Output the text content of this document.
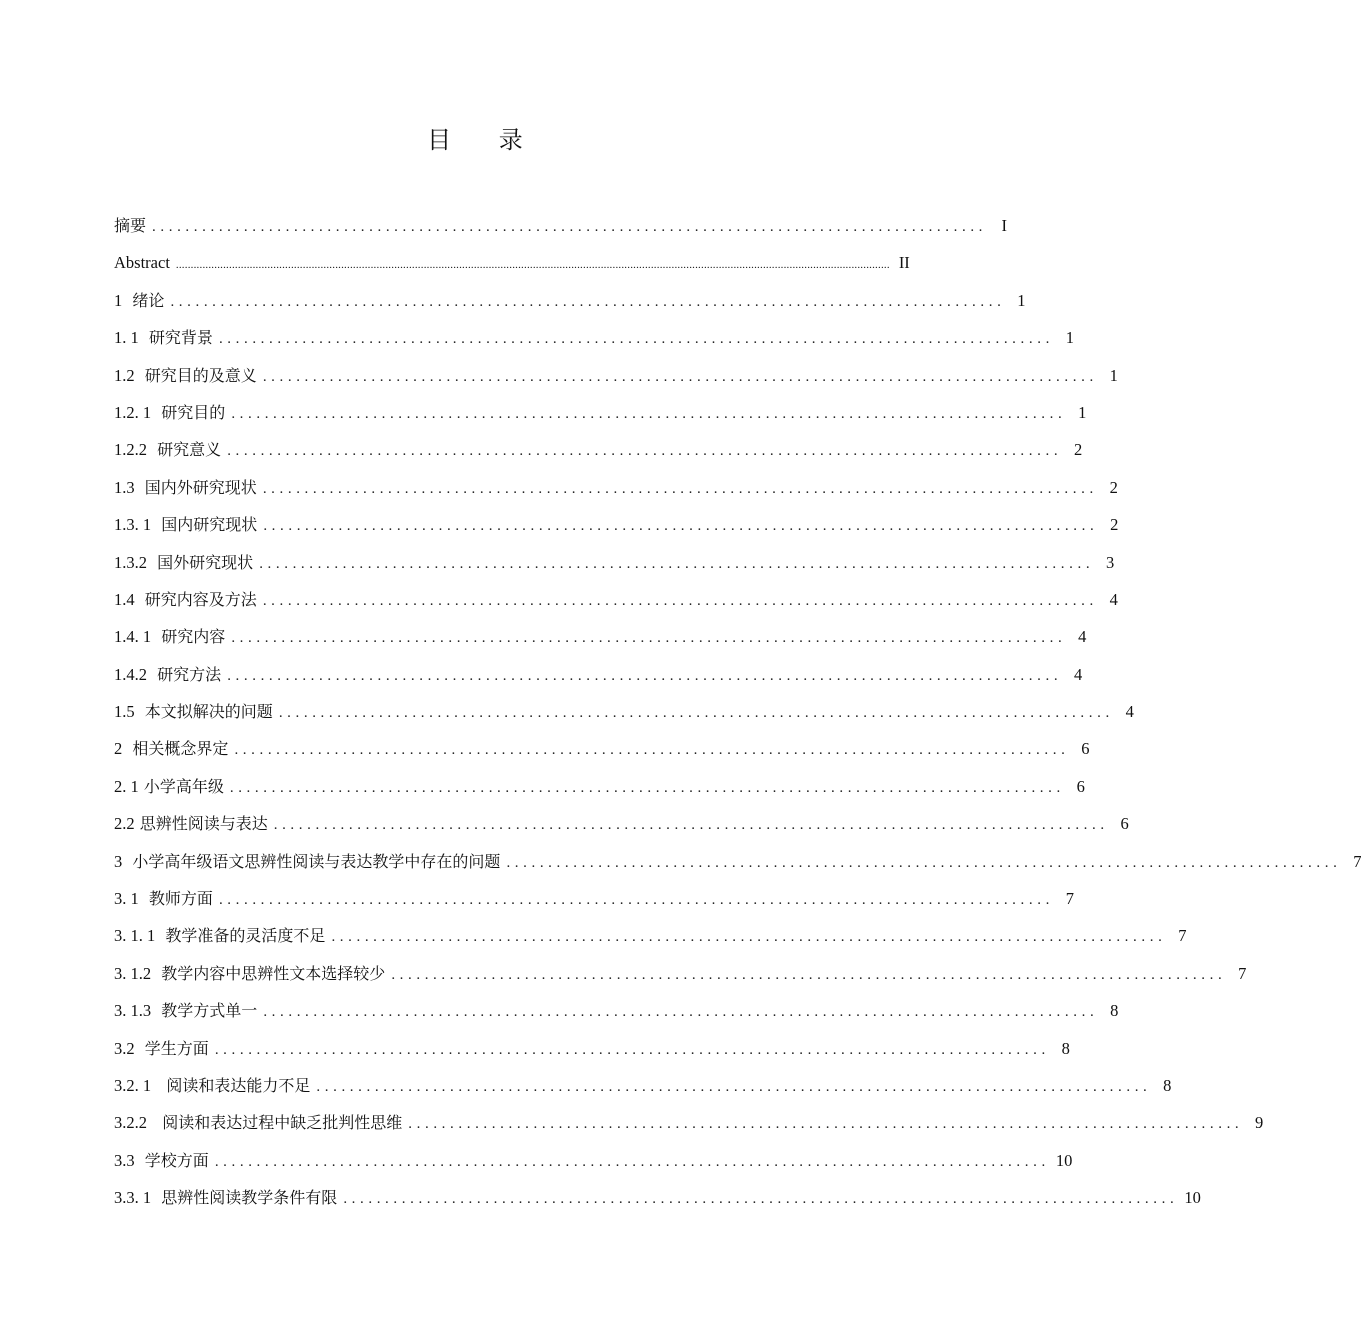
目 录
摘要 .................................................................................................... I
Abstract .................................................................................................................................................................................................................................................. II
1 绪论 .................................................................................................... 1
1. 1 研究背景 .................................................................................................... 1
1.2 研究目的及意义 .................................................................................................... 1
1.2. 1 研究目的 .................................................................................................... 1
1.2.2 研究意义 .................................................................................................... 2
1.3 国内外研究现状 .................................................................................................... 2
1.3. 1 国内研究现状 .................................................................................................... 2
1.3.2 国外研究现状 .................................................................................................... 3
1.4 研究内容及方法 .................................................................................................... 4
1.4. 1 研究内容 .................................................................................................... 4
1.4.2 研究方法 .................................................................................................... 4
1.5 本文拟解决的问题 .................................................................................................... 4
2 相关概念界定 .................................................................................................... 6
2. 1 小学高年级 .................................................................................................... 6
2.2 思辨性阅读与表达 .................................................................................................... 6
3 小学高年级语文思辨性阅读与表达教学中存在的问题 .................................................................................................... 7
3. 1 教师方面 .................................................................................................... 7
3. 1. 1 教学准备的灵活度不足 .................................................................................................... 7
3. 1.2 教学内容中思辨性文本选择较少 .................................................................................................... 7
3. 1.3 教学方式单一 .................................................................................................... 8
3.2 学生方面 .................................................................................................... 8
3.2. 1 阅读和表达能力不足 .................................................................................................... 8
3.2.2 阅读和表达过程中缺乏批判性思维 .................................................................................................... 9
3.3 学校方面 .................................................................................................... 10
3.3. 1 思辨性阅读教学条件有限 .................................................................................................... 10
